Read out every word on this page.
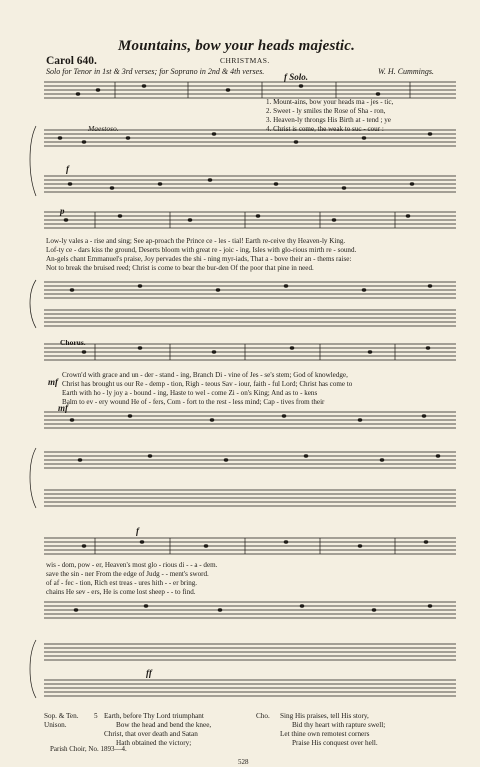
Mountains, bow your heads majestic.
Carol 640.	CHRISTMAS.
Solo for Tenor in 1st & 3rd verses; for Soprano in 2nd & 4th verses.	W. H. Cummings.
f Solo.
Maestoso.
f
p
Chorus.
mf
mf
f
ff
1. Mount-ains, bow your heads ma - jes - tic,
2. Sweet - ly smiles the Rose of Sha - ron,
3. Heaven-ly throngs His Birth at - tend ; ye
4. Christ is come, the weak to suc - cour :
Low-ly vales a - rise and sing; See ap-proach the Prince ce - les - tial! Earth re-ceive thy Heaven-ly King.
Lof-ty ce - dars kiss the ground, Deserts bloom with great re - joic - ing, Isles with glo-rious mirth re - sound.
An-gels chant Emmanuel's praise, Joy pervades the shi - ning myr-iads, That a - bove their an - thems raise:
Not to break the bruised reed; Christ is come to bear the bur-den Of the poor that pine in need.
Crown'd with grace and un - der - stand - ing, Branch Di - vine of Jes - se's stem; God of knowledge,
Christ has brought us our Re - demp - tion, Righ - teous Sav - iour, faith - ful Lord; Christ has come to
Earth with ho - ly joy a - bound - ing, Haste to wel - come Zi - on's King; And as to - kens
Balm to ev - ery wound He of - fers, Com - fort to the rest - less mind; Cap - tives from their
wis - dom, pow - er, Heaven's most glo - rious di - - a - dem.
save the sin - ner From the edge of Judg - - ment's sword.
of af - fec - tion, Rich est treas - ures hith - - er bring.
chains He sev - ers, He is come lost sheep - - to find.
Sop. & Ten.
Unison.
5 Earth, before Thy Lord triumphant
Bow the head and bend the knee,
Christ, that over death and Satan
Hath obtained the victory;
Cho. Sing His praises, tell His story,
Bid thy heart with rapture swell;
Let thine own remotest corners
Praise His conquest over hell.
Parish Choir, No. 1893—4.
528
